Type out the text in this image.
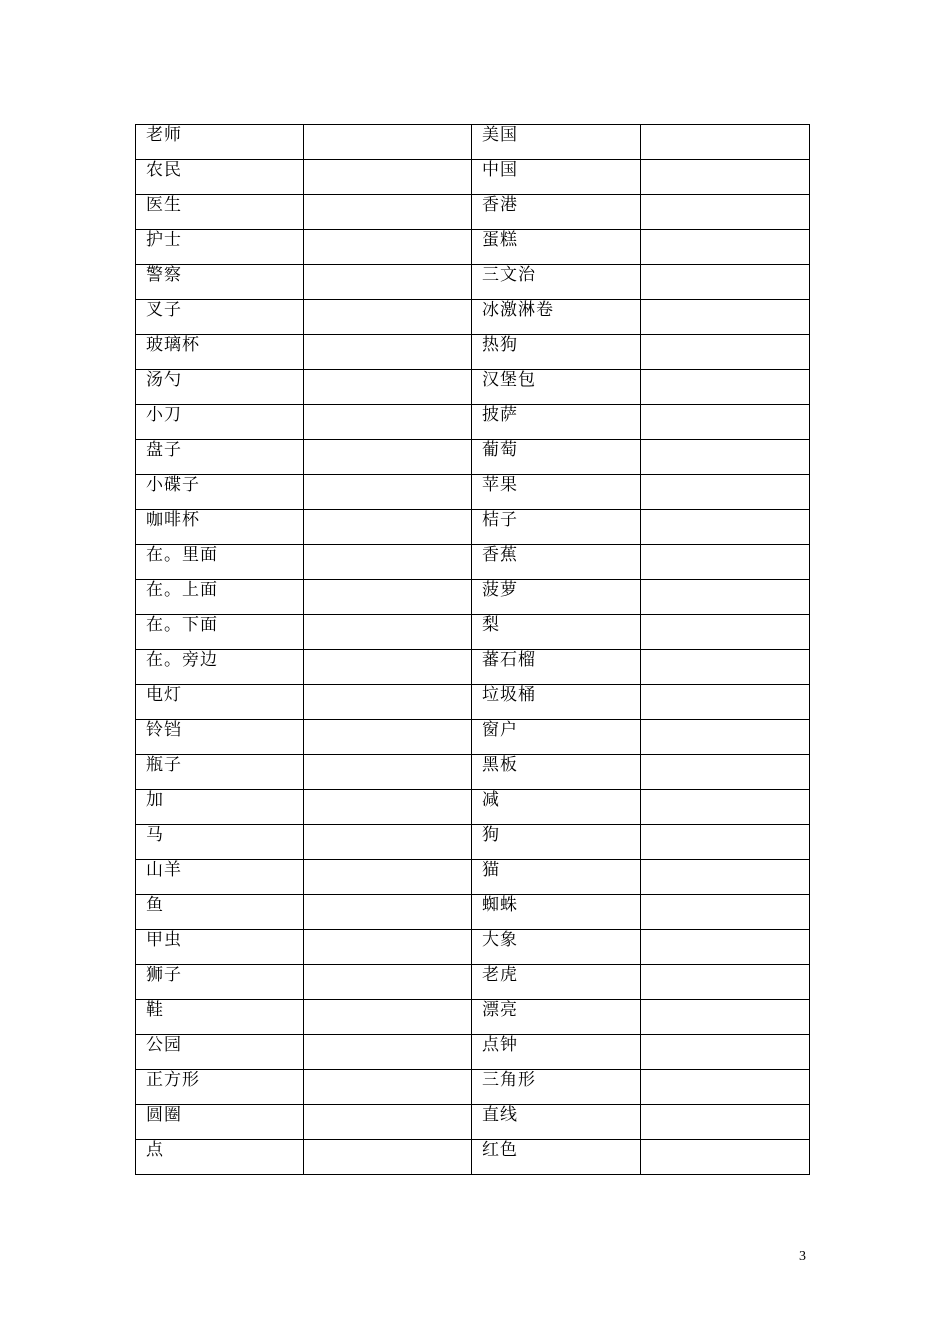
老师		美国	
农民		中国	
医生		香港	
护士		蛋糕	
警察		三文治	
叉子		冰激淋卷	
玻璃杯		热狗	
汤勺		汉堡包	
小刀		披萨	
盘子		葡萄	
小碟子		苹果	
咖啡杯		桔子	
在。里面		香蕉	
在。上面		菠萝	
在。下面		梨	
在。旁边		蕃石榴	
电灯		垃圾桶	
铃铛		窗户	
瓶子		黑板	
加		减	
马		狗	
山羊		猫	
鱼		蜘蛛	
甲虫		大象	
狮子		老虎	
鞋		漂亮	
公园		点钟	
正方形		三角形	
圆圈		直线	
点		红色	
3
